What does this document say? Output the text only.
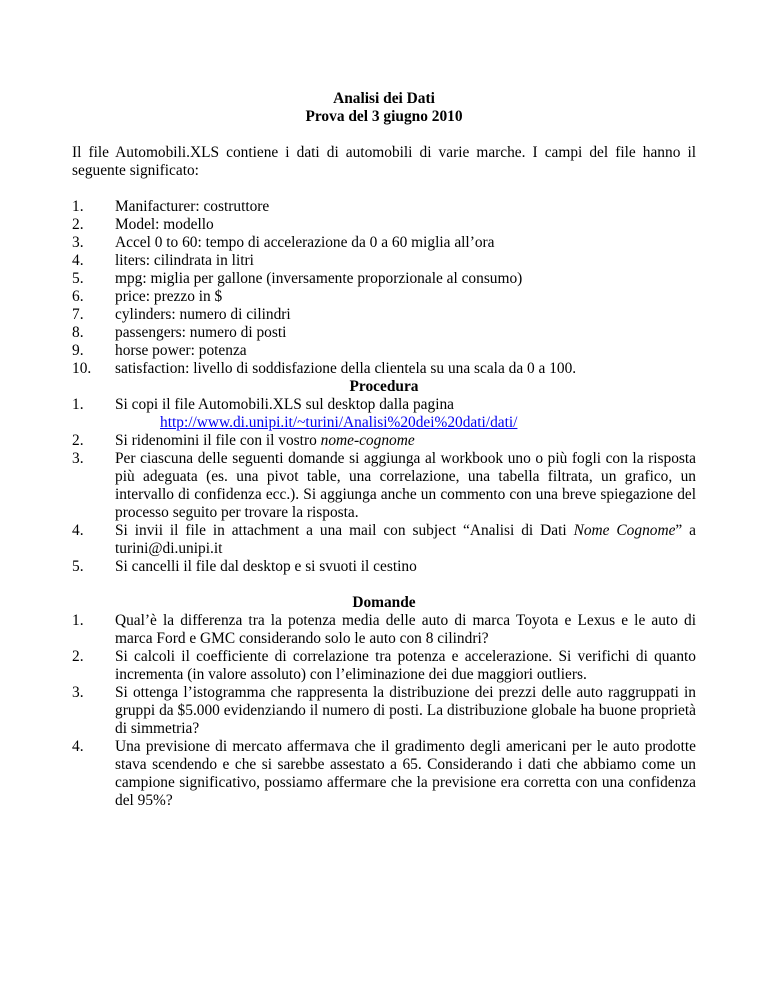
Analisi dei Dati
Prova del 3 giugno 2010
Il file Automobili.XLS contiene i dati di automobili di varie marche. I campi del file hanno il seguente significato:
1.	Manifacturer: costruttore
2.	Model: modello
3.	Accel 0 to 60: tempo di accelerazione da 0 a 60 miglia all’ora
4.	liters: cilindrata in litri
5.	mpg: miglia per gallone (inversamente proporzionale al consumo)
6.	price: prezzo in $
7.	cylinders: numero di cilindri
8.	passengers: numero di posti
9.	horse power: potenza
10.	satisfaction: livello di soddisfazione della clientela su una scala da 0 a 100.
Procedura
1.	Si copi il file Automobili.XLS sul desktop dalla pagina
http://www.di.unipi.it/~turini/Analisi%20dei%20dati/dati/
2.	Si ridenomini il file con il vostro nome-cognome
3.	Per ciascuna delle seguenti domande si aggiunga al workbook uno o più fogli con la risposta più adeguata (es. una pivot table, una correlazione, una tabella filtrata, un grafico, un intervallo di confidenza ecc.). Si aggiunga anche un commento con una breve spiegazione del processo seguito per trovare la risposta.
4.	Si invii il file in attachment a una mail con subject “Analisi di Dati Nome Cognome” a turini@di.unipi.it
5.	Si cancelli il file dal desktop e si svuoti il cestino
Domande
1.	Qual’è la differenza tra la potenza media delle auto di marca Toyota e Lexus e le auto di marca Ford e GMC considerando solo le auto con 8 cilindri?
2.	Si calcoli il coefficiente di correlazione tra potenza e accelerazione. Si verifichi di quanto incrementa (in valore assoluto) con l’eliminazione dei due maggiori outliers.
3.	Si ottenga l’istogramma che rappresenta la distribuzione dei prezzi delle auto raggruppati in gruppi da $5.000 evidenziando il numero di posti. La distribuzione globale ha buone proprietà di simmetria?
4.	Una previsione di mercato affermava che il gradimento degli americani per le auto prodotte stava scendendo e che si sarebbe assestato a 65. Considerando i dati che abbiamo come un campione significativo, possiamo affermare che la previsione era corretta con una confidenza del 95%?
